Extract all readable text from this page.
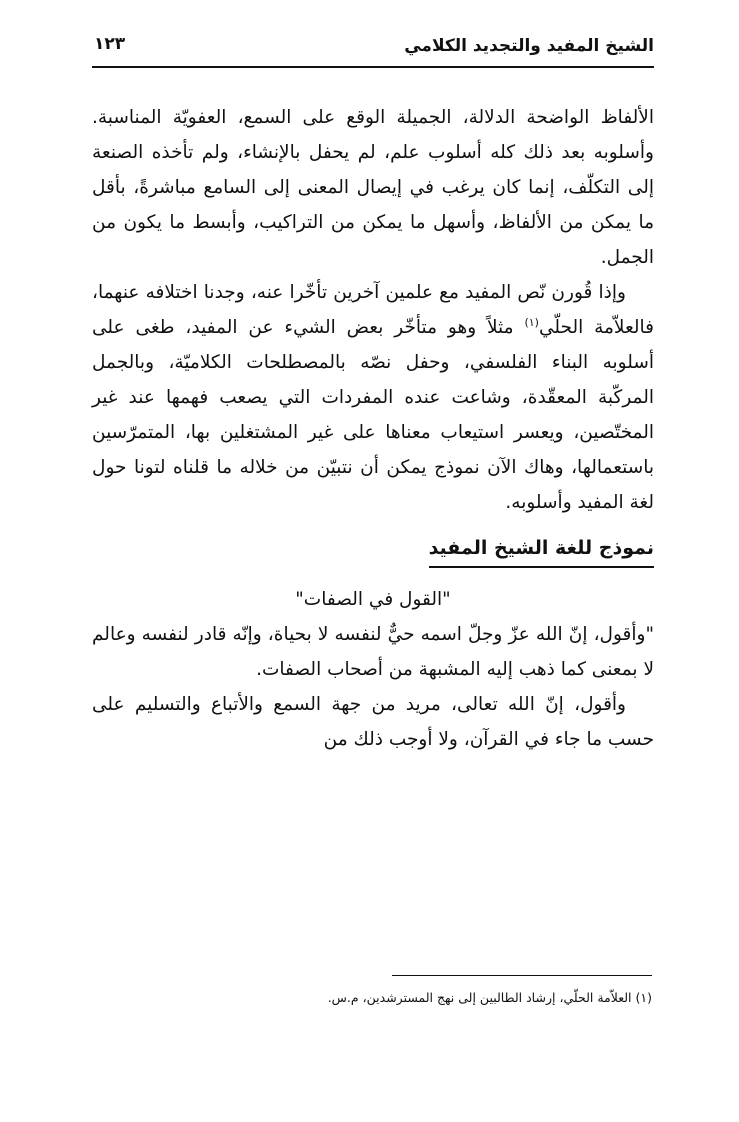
الشيخ المفيد والتجديد الكلامي
١٢٣

الألفاظ الواضحة الدلالة، الجميلة الوقع على السمع، العفويّة المناسبة. وأسلوبه بعد ذلك كله أسلوب علم، لم يحفل بالإنشاء، ولم تأخذه الصنعة إلى التكلّف، إنما كان يرغب في إيصال المعنى إلى السامع مباشرةً، بأقل ما يمكن من الألفاظ، وأسهل ما يمكن من التراكيب، وأبسط ما يكون من الجمل.

وإذا قُورن نّص المفيد مع علمين آخرين تأخّرا عنه، وجدنا اختلافه عنهما، فالعلاّمة الحلّي$^{(١)}$ مثلاً وهو متأخّر بعض الشيء عن المفيد، طغى على أسلوبه البناء الفلسفي، وحفل نصّه بالمصطلحات الكلاميّة، وبالجمل المركّبة المعقّدة، وشاعت عنده المفردات التي يصعب فهمها عند غير المختّصين، ويعسر استيعاب معناها على غير المشتغلين بها، المتمرّسين باستعمالها، وهاك الآن نموذج يمكن أن نتبيّن من خلاله ما قلناه لتونا حول لغة المفيد وأسلوبه.

نموذج للغة الشيخ المفيد

"القول في الصفات"

"وأقول، إنّ الله عزّ وجلّ اسمه حيٌّ لنفسه لا بحياة، وإنّه قادر لنفسه وعالم لا بمعنى كما ذهب إليه المشبهة من أصحاب الصفات.

وأقول، إنّ الله تعالى، مريد من جهة السمع والأتباع والتسليم على حسب ما جاء في القرآن، ولا أوجب ذلك من

(١) العلاّمة الحلّي، إرشاد الطالبين إلى نهج المسترشدين، م.س.
